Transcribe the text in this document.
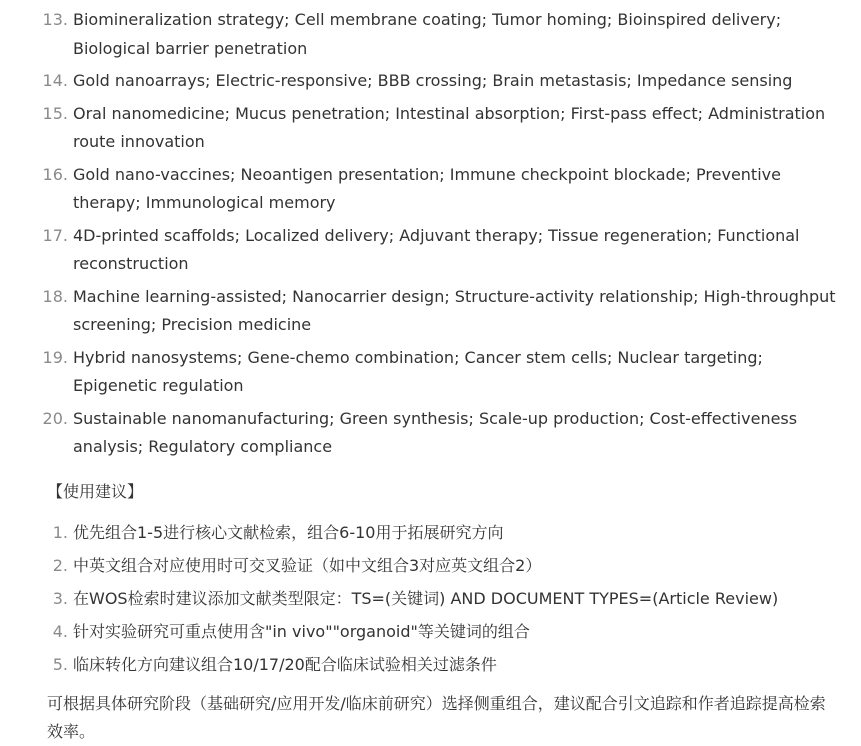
13. Biomineralization strategy; Cell membrane coating; Tumor homing; Bioinspired delivery; Biological barrier penetration
14. Gold nanoarrays; Electric-responsive; BBB crossing; Brain metastasis; Impedance sensing
15. Oral nanomedicine; Mucus penetration; Intestinal absorption; First-pass effect; Administration route innovation
16. Gold nano-vaccines; Neoantigen presentation; Immune checkpoint blockade; Preventive therapy; Immunological memory
17. 4D-printed scaffolds; Localized delivery; Adjuvant therapy; Tissue regeneration; Functional reconstruction
18. Machine learning-assisted; Nanocarrier design; Structure-activity relationship; High-throughput screening; Precision medicine
19. Hybrid nanosystems; Gene-chemo combination; Cancer stem cells; Nuclear targeting; Epigenetic regulation
20. Sustainable nanomanufacturing; Green synthesis; Scale-up production; Cost-effectiveness analysis; Regulatory compliance
【使用建议】
1. 优先组合1-5进行核心文献检索，组合6-10用于拓展研究方向
2. 中英文组合对应使用时可交叉验证（如中文组合3对应英文组合2）
3. 在WOS检索时建议添加文献类型限定：TS=(关键词) AND DOCUMENT TYPES=(Article Review)
4. 针对实验研究可重点使用含"in vivo""organoid"等关键词的组合
5. 临床转化方向建议组合10/17/20配合临床试验相关过滤条件

可根据具体研究阶段（基础研究/应用开发/临床前研究）选择侧重组合，建议配合引文追踪和作者追踪提高检索效率。
